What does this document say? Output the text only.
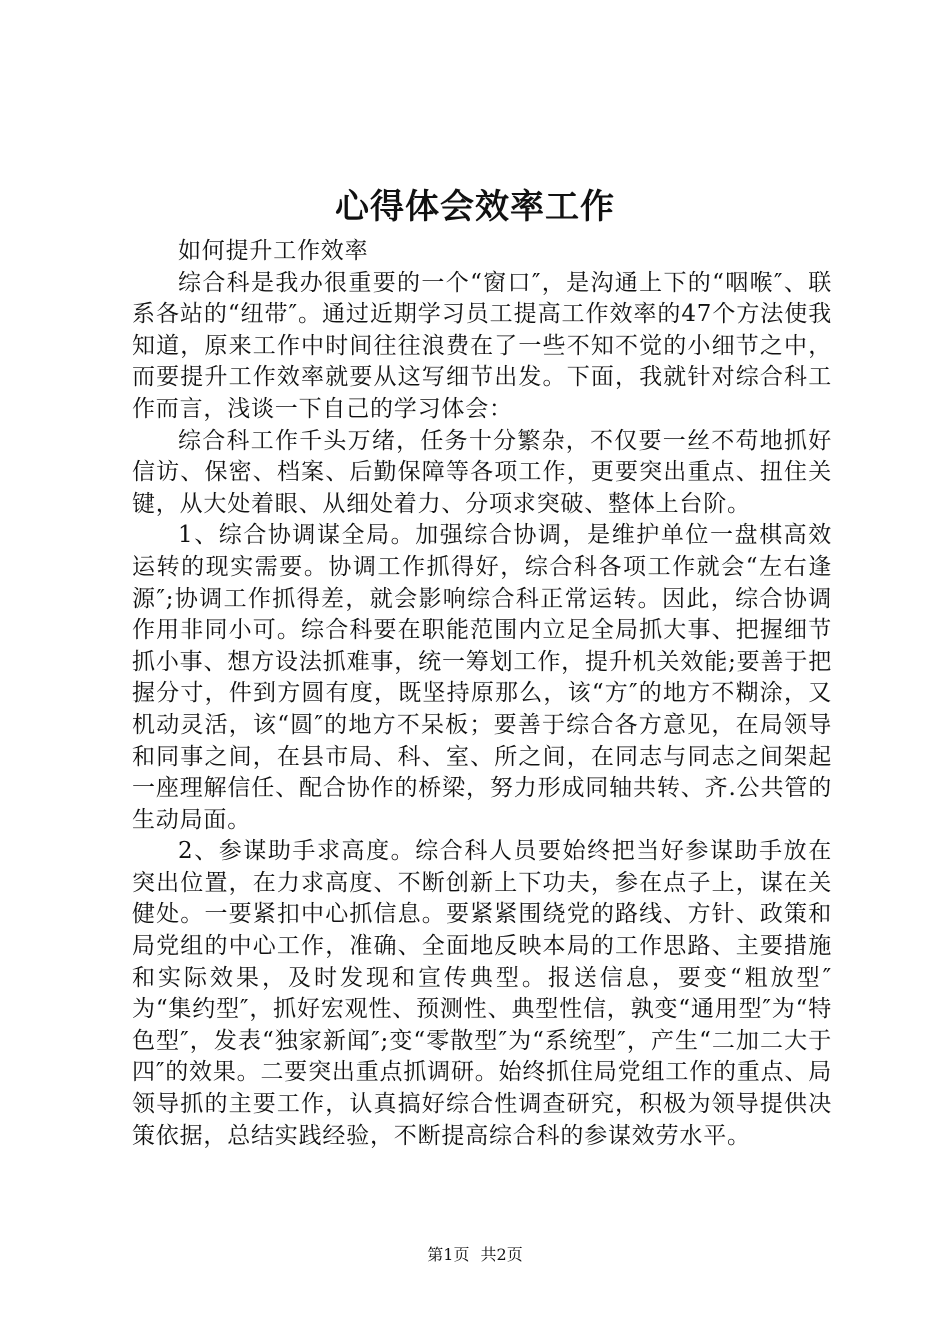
心得体会效率工作

如何提升工作效率

综合科是我办很重要的一个“窗口″，是沟通上下的“咽喉″、联系各站的“纽带″。通过近期学习员工提高工作效率的47个方法使我知道，原来工作中时间往往浪费在了一些不知不觉的小细节之中，而要提升工作效率就要从这写细节出发。下面，我就针对综合科工作而言，浅谈一下自己的学习体会：

综合科工作千头万绪，任务十分繁杂，不仅要一丝不苟地抓好信访、保密、档案、后勤保障等各项工作，更要突出重点、扭住关键，从大处着眼、从细处着力、分项求突破、整体上台阶。

1、综合协调谋全局。加强综合协调，是维护单位一盘棋高效运转的现实需要。协调工作抓得好，综合科各项工作就会“左右逢源″;协调工作抓得差，就会影响综合科正常运转。因此，综合协调作用非同小可。综合科要在职能范围内立足全局抓大事、把握细节抓小事、想方设法抓难事，统一筹划工作，提升机关效能;要善于把握分寸，件到方圆有度，既坚持原那么，该“方″的地方不糊涂，又机动灵活，该“圆″的地方不呆板；要善于综合各方意见，在局领导和同事之间，在县市局、科、室、所之间，在同志与同志之间架起一座理解信任、配合协作的桥梁，努力形成同轴共转、齐.公共管的生动局面。

2、参谋助手求高度。综合科人员要始终把当好参谋助手放在突出位置，在力求高度、不断创新上下功夫，参在点子上，谋在关健处。一要紧扣中心抓信息。要紧紧围绕党的路线、方针、政策和局党组的中心工作，准确、全面地反映本局的工作思路、主要措施和实际效果，及时发现和宣传典型。报送信息，要变“粗放型″为“集约型″，抓好宏观性、预测性、典型性信，孰变“通用型″为“特色型″，发表“独家新闻″;变“零散型″为“系统型″，产生“二加二大于四″的效果。二要突出重点抓调研。始终抓住局党组工作的重点、局领导抓的主要工作，认真搞好综合性调查研究，积极为领导提供决策依据，总结实践经验，不断提高综合科的参谋效劳水平。

第1页 共2页
